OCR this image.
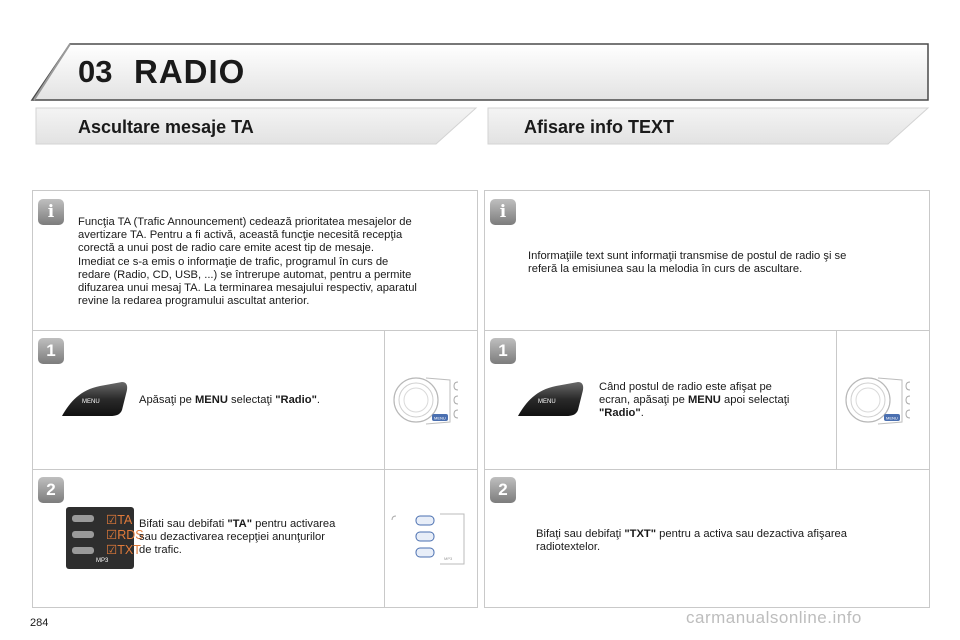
03 RADIO
Ascultare mesaje TA	Afisare info TEXT
i	Funcţia TA (Trafic Announcement) cedează prioritatea mesajelor de
avertizare TA. Pentru a fi activă, această funcţie necesită recepţia
corectă a unui post de radio care emite acest tip de mesaje.
Imediat ce s-a emis o informaţie de trafic, programul în curs de
redare (Radio, CD, USB, ...) se întrerupe automat, pentru a permite
difuzarea unui mesaj TA. La terminarea mesajului respectiv, aparatul
revine la redarea programului ascultat anterior.
1
MENU	Apăsaţi pe MENU selectaţi "Radio".
MENU
2
☑TA
☑RDS
☑TXT
MP3
Bifati sau debifati "TA" pentru activarea
sau dezactivarea recepţiei anunţurilor
de trafic.
MP3
i
Informaţiile text sunt informaţii transmise de postul de radio şi se
referă la emisiunea sau la melodia în curs de ascultare.
1
MENU
Când postul de radio este afişat pe
ecran, apăsaţi pe MENU apoi selectaţi
"Radio".	MENU
2
Bifaţi sau debifaţi "TXT" pentru a activa sau dezactiva afişarea
radiotextelor.
284	carmanualsonline.info
